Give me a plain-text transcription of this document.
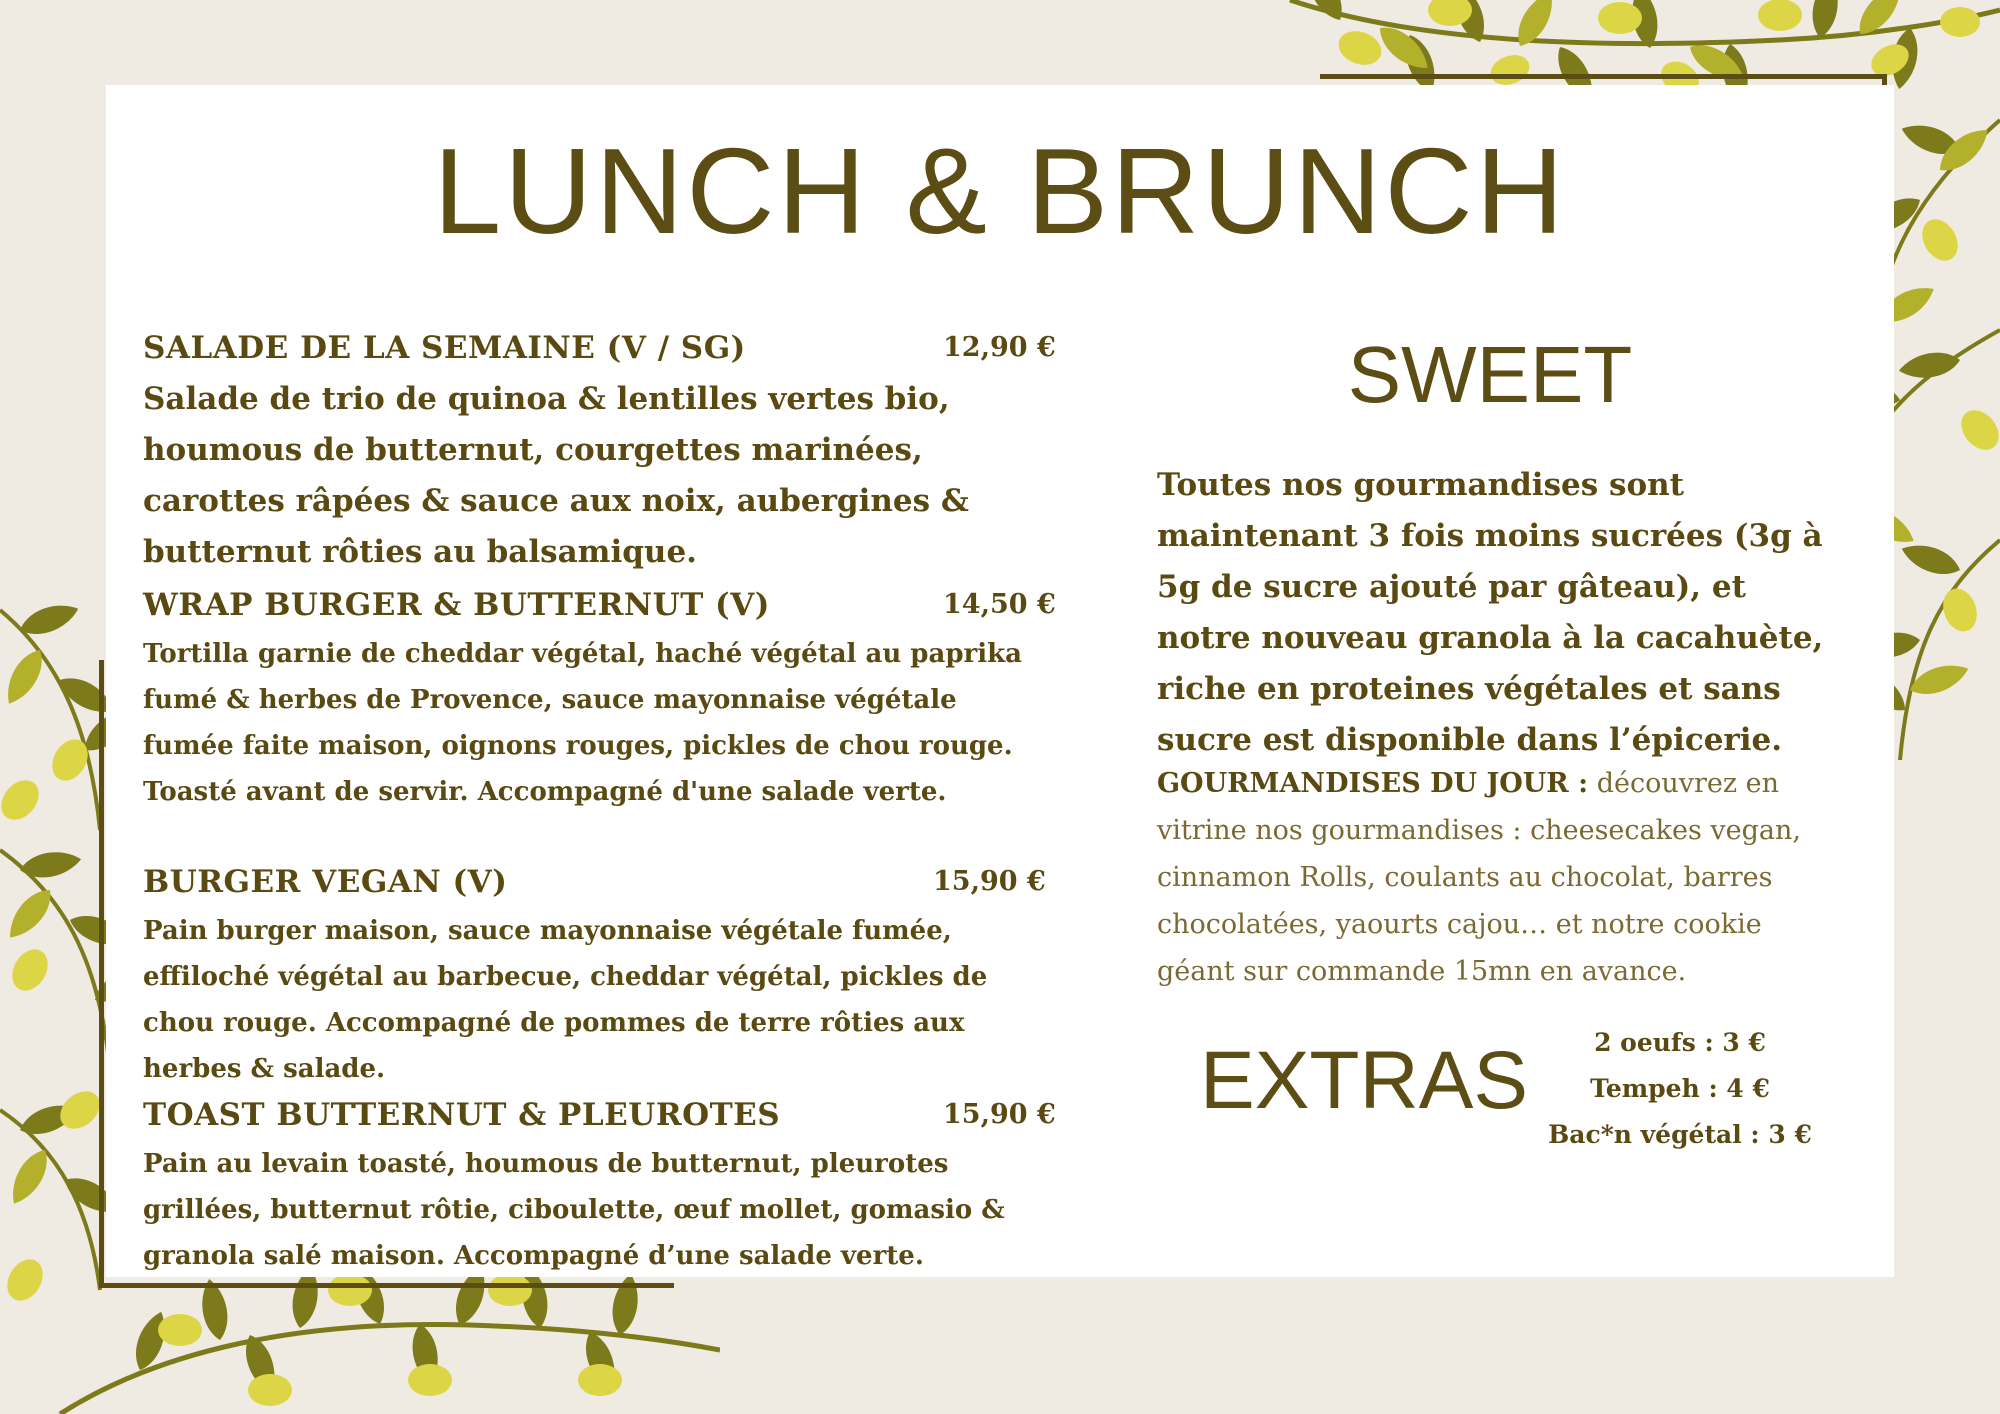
LUNCH & BRUNCH
SALADE DE LA SEMAINE (V / SG)	12,90 €

Salade de trio de quinoa & lentilles vertes bio, houmous de butternut, courgettes marinées, carottes râpées & sauce aux noix, aubergines & butternut rôties au balsamique.

WRAP BURGER & BUTTERNUT (V)	14,50 €

Tortilla garnie de cheddar végétal, haché végétal au paprika fumé & herbes de Provence, sauce mayonnaise végétale fumée faite maison, oignons rouges, pickles de chou rouge. Toasté avant de servir. Accompagné d'une salade verte.

BURGER VEGAN (V)	15,90 €

Pain burger maison, sauce mayonnaise végétale fumée, effiloché végétal au barbecue, cheddar végétal, pickles de chou rouge. Accompagné de pommes de terre rôties aux herbes & salade.

TOAST BUTTERNUT & PLEUROTES	15,90 €

Pain au levain toasté, houmous de butternut, pleurotes grillées, butternut rôtie, ciboulette, œuf mollet, gomasio & granola salé maison. Accompagné d’une salade verte.

SWEET

Toutes nos gourmandises sont maintenant 3 fois moins sucrées (3g à 5g de sucre ajouté par gâteau), et notre nouveau granola à la cacahuète, riche en proteines végétales et sans sucre est disponible dans l’épicerie.

GOURMANDISES DU JOUR : découvrez en vitrine nos gourmandises : cheesecakes vegan, cinnamon Rolls, coulants au chocolat, barres chocolatées, yaourts cajou… et notre cookie géant sur commande 15mn en avance.

EXTRAS	2 oeufs : 3 €
Tempeh : 4 €
Bac*n végétal : 3 €
